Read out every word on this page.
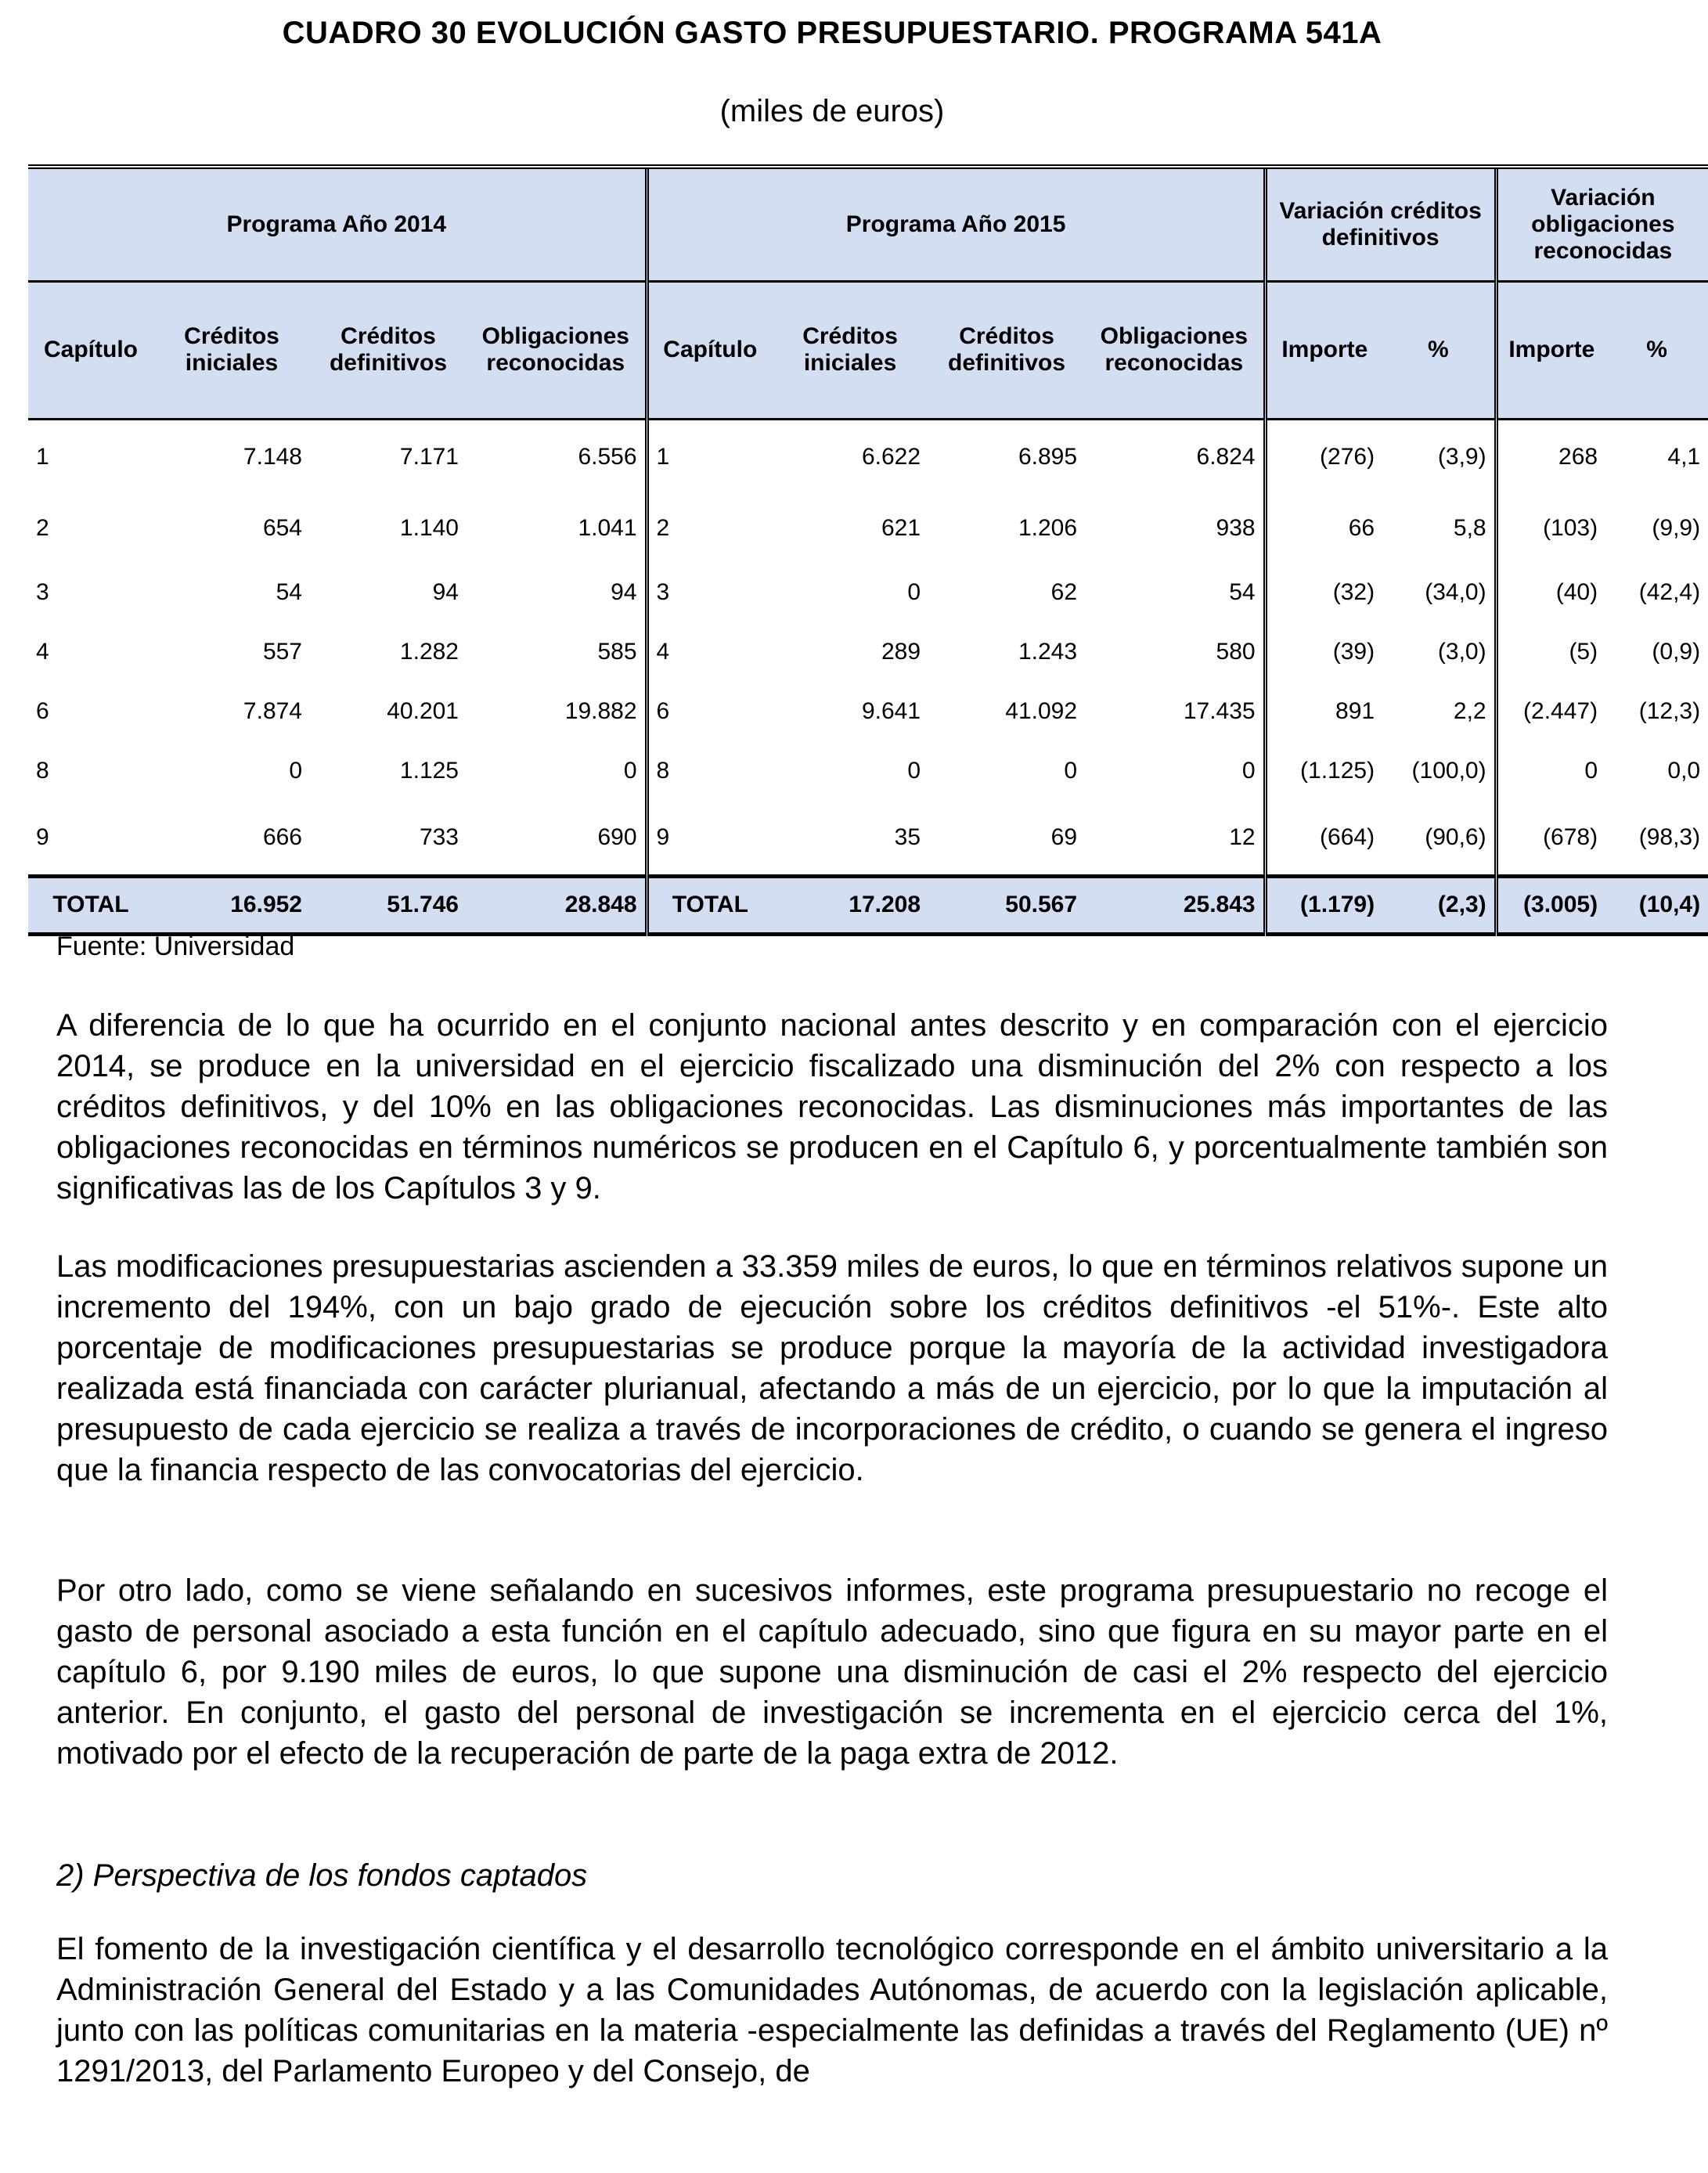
CUADRO 30 EVOLUCIÓN GASTO PRESUPUESTARIO. PROGRAMA 541A
(miles de euros)
Programa Año 2014				Programa Año 2015				Variación créditos definitivos		Variación obligaciones reconocidas	
Capítulo	Créditos iniciales	Créditos definitivos	Obligaciones reconocidas	Capítulo	Créditos iniciales	Créditos definitivos	Obligaciones reconocidas	Importe	%	Importe	%
1	7.148	7.171	6.556	1	6.622	6.895	6.824	(276)	(3,9)	268	4,1
2	654	1.140	1.041	2	621	1.206	938	66	5,8	(103)	(9,9)
3	54	94	94	3	0	62	54	(32)	(34,0)	(40)	(42,4)
4	557	1.282	585	4	289	1.243	580	(39)	(3,0)	(5)	(0,9)
6	7.874	40.201	19.882	6	9.641	41.092	17.435	891	2,2	(2.447)	(12,3)
8	0	1.125	0	8	0	0	0	(1.125)	(100,0)	0	0,0
9	666	733	690	9	35	69	12	(664)	(90,6)	(678)	(98,3)
TOTAL	16.952	51.746	28.848	TOTAL	17.208	50.567	25.843	(1.179)	(2,3)	(3.005)	(10,4)
Fuente: Universidad

A diferencia de lo que ha ocurrido en el conjunto nacional antes descrito y en comparación con el ejercicio 2014, se produce en la universidad en el ejercicio fiscalizado una disminución del 2% con respecto a los créditos definitivos, y del 10% en las obligaciones reconocidas. Las disminuciones más importantes de las obligaciones reconocidas en términos numéricos se producen en el Capítulo 6, y porcentualmente también son significativas las de los Capítulos 3 y 9.

Las modificaciones presupuestarias ascienden a 33.359 miles de euros, lo que en términos relativos supone un incremento del 194%, con un bajo grado de ejecución sobre los créditos definitivos -el 51%-. Este alto porcentaje de modificaciones presupuestarias se produce porque la mayoría de la actividad investigadora realizada está financiada con carácter plurianual, afectando a más de un ejercicio, por lo que la imputación al presupuesto de cada ejercicio se realiza a través de incorporaciones de crédito, o cuando se genera el ingreso que la financia respecto de las convocatorias del ejercicio.

Por otro lado, como se viene señalando en sucesivos informes, este programa presupuestario no recoge el gasto de personal asociado a esta función en el capítulo adecuado, sino que figura en su mayor parte en el capítulo 6, por 9.190 miles de euros, lo que supone una disminución de casi el 2% respecto del ejercicio anterior. En conjunto, el gasto del personal de investigación se incrementa en el ejercicio cerca del 1%, motivado por el efecto de la recuperación de parte de la paga extra de 2012.

2) Perspectiva de los fondos captados

El fomento de la investigación científica y el desarrollo tecnológico corresponde en el ámbito universitario a la Administración General del Estado y a las Comunidades Autónomas, de acuerdo con la legislación aplicable, junto con las políticas comunitarias en la materia -especialmente las definidas a través del Reglamento (UE) nº 1291/2013, del Parlamento Europeo y del Consejo, de
